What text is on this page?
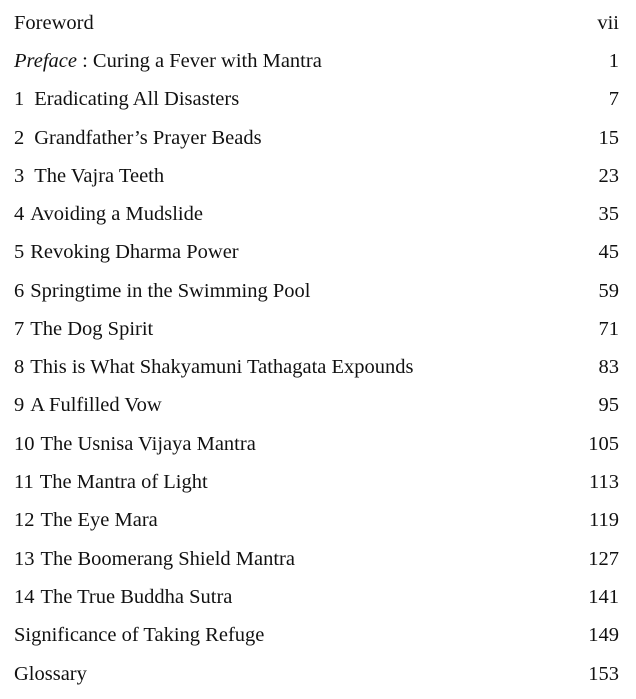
Foreword	vii
Preface : Curing a Fever with Mantra	1
1 Eradicating All Disasters	7
2 Grandfather’s Prayer Beads	15
3 The Vajra Teeth	23
4 Avoiding a Mudslide	35
5 Revoking Dharma Power	45
6 Springtime in the Swimming Pool	59
7 The Dog Spirit	71
8 This is What Shakyamuni Tathagata Expounds	83
9 A Fulfilled Vow	95
10 The Usnisa Vijaya Mantra	105
11 The Mantra of Light	113
12 The Eye Mara	119
13 The Boomerang Shield Mantra	127
14 The True Buddha Sutra	141
Significance of Taking Refuge	149
Glossary	153
